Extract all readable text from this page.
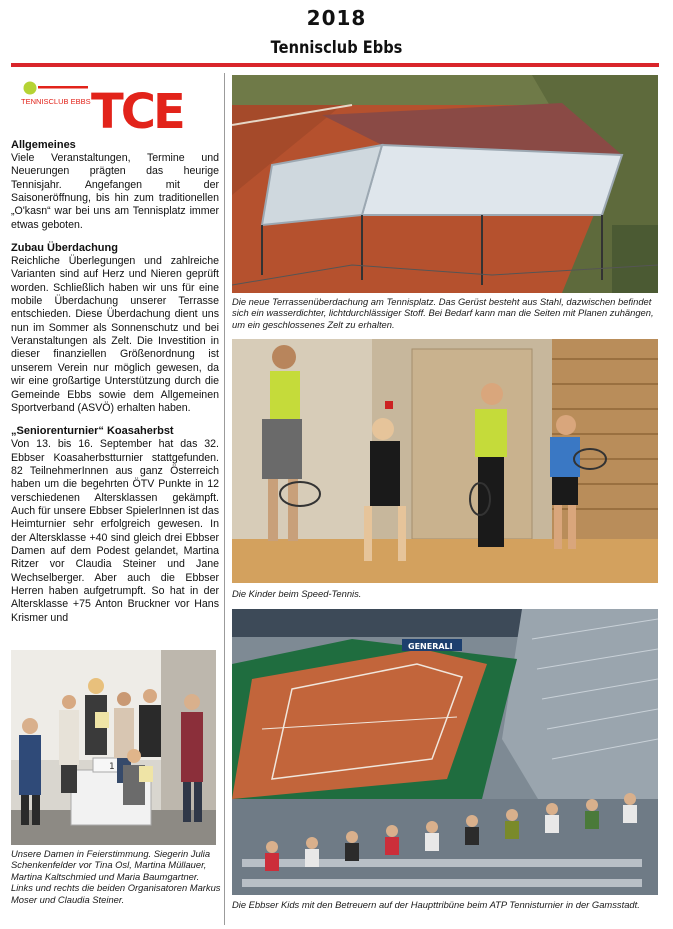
2018
Tennisclub Ebbs
TENNISCLUB EBBS TCE
Allgemeines

Viele Veranstaltungen, Termine und Neuerungen prägten das heurige Tennisjahr. Angefangen mit der Saisoneröffnung, bis hin zum traditionellen „O'kasn“ war bei uns am Tennisplatz immer etwas geboten.

Zubau Überdachung

Reichliche Überlegungen und zahlreiche Varianten sind auf Herz und Nieren geprüft worden. Schließlich haben wir uns für eine mobile Überdachung unserer Terrasse entschieden. Diese Überdachung dient uns nun im Sommer als Sonnenschutz und bei Veranstaltungen als Zelt. Die Investition in dieser finanziellen Größenordnung ist unserem Verein nur möglich gewesen, da wir eine großartige Unterstützung durch die Gemeinde Ebbs sowie dem Allgemeinen Sportverband (ASVÖ) erhalten haben.

„Seniorenturnier“ Koasaherbst

Von 13. bis 16. September hat das 32. Ebbser Koasaherbstturnier stattgefunden. 82 TeilnehmerInnen aus ganz Österreich haben um die begehrten ÖTV Punkte in 12 verschiedenen Altersklassen gekämpft. Auch für unsere Ebbser SpielerInnen ist das Heimturnier sehr erfolgreich gewesen. In der Altersklasse +40 sind gleich drei Ebbser Damen auf dem Podest gelandet, Martina Ritzer vor Claudia Steiner und Jane Wechselberger. Aber auch die Ebbser Herren haben aufgetrumpft. So hat in der Altersklasse +75 Anton Bruckner vor Hans Krismer und

1
Unsere Damen in Feierstimmung. Siegerin Julia Schenkenfelder vor Tina Osl, Martina Müllauer, Martina Kaltschmied und Maria Baumgartner. Links und rechts die beiden Organisatoren Markus Moser und Claudia Steiner.
Die neue Terrassenüberdachung am Tennisplatz. Das Gerüst besteht aus Stahl, dazwischen befindet sich ein wasserdichter, lichtdurchlässiger Stoff. Bei Bedarf kann man die Seiten mit Planen zuhängen, um ein geschlossenes Zelt zu erhalten.
Die Kinder beim Speed-Tennis.
GENERALI
Die Ebbser Kids mit den Betreuern auf der Haupttribüne beim ATP Tennisturnier in der Gamsstadt.
